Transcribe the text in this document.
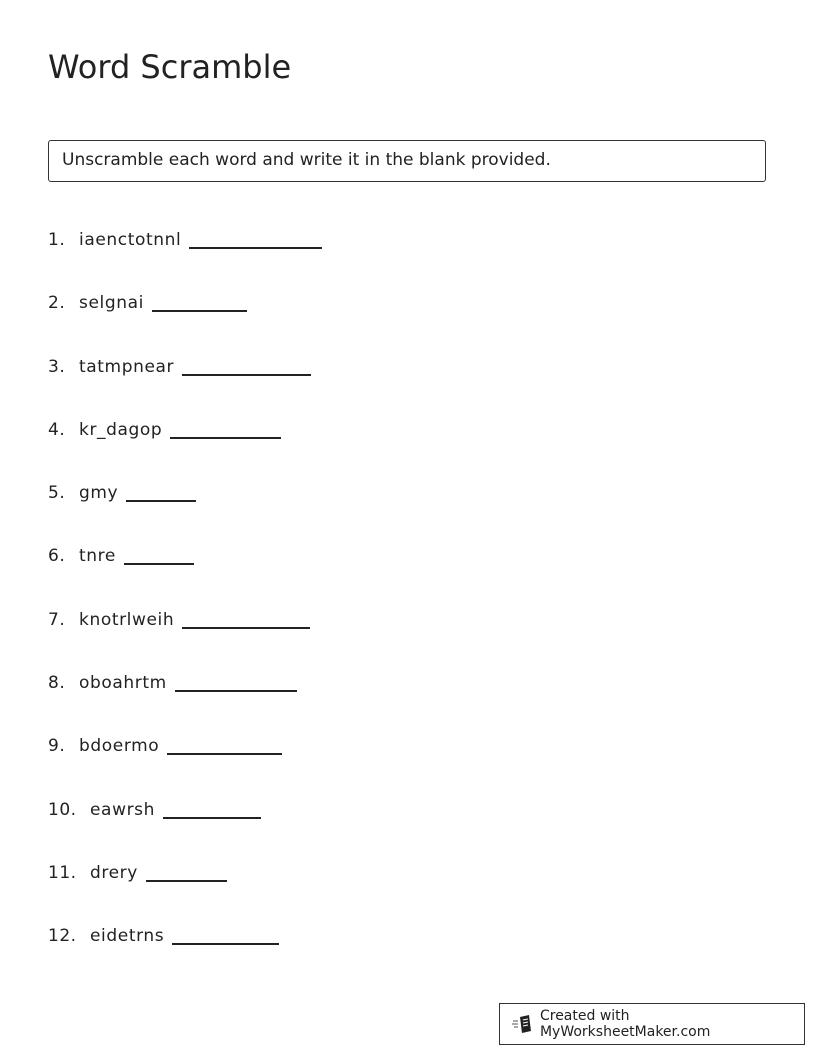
Word Scramble
Unscramble each word and write it in the blank provided.
1. iaenctotnnl
2. selgnai
3. tatmpnear
4. kr_dagop
5. gmy
6. tnre
7. knotrlweih
8. oboahrtm
9. bdoermo
10. eawrsh
11. drery
12. eidetrns
Created with MyWorksheetMaker.com
